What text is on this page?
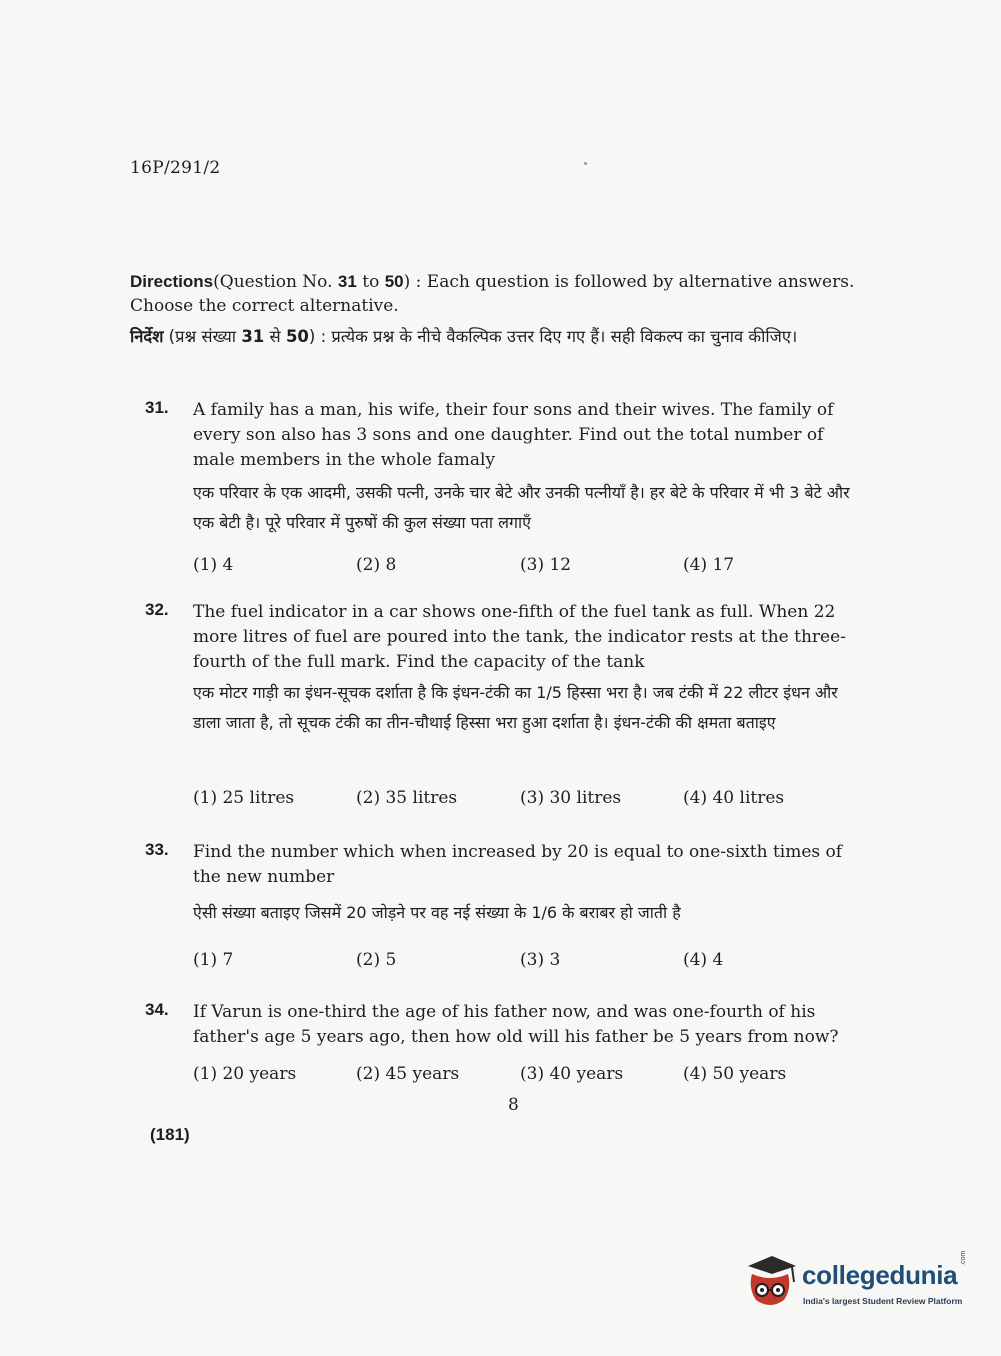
16P/291/2
Directions(Question No. 31 to 50) : Each question is followed by alternative answers. Choose the correct alternative.
निर्देश (प्रश्न संख्या 31 से 50) : प्रत्येक प्रश्न के नीचे वैकल्पिक उत्तर दिए गए हैं। सही विकल्प का चुनाव कीजिए।
31. A family has a man, his wife, their four sons and their wives. The family of every son also has 3 sons and one daughter. Find out the total number of male members in the whole famaly
एक परिवार के एक आदमी, उसकी पत्नी, उनके चार बेटे और उनकी पत्नीयाँ है। हर बेटे के परिवार में भी 3 बेटे और एक बेटी है। पूरे परिवार में पुरुषों की कुल संख्या पता लगाएँ
(1) 4	(2) 8	(3) 12	(4) 17
32. The fuel indicator in a car shows one-fifth of the fuel tank as full. When 22 more litres of fuel are poured into the tank, the indicator rests at the three-fourth of the full mark. Find the capacity of the tank
एक मोटर गाड़ी का इंधन-सूचक दर्शाता है कि इंधन-टंकी का 1/5 हिस्सा भरा है। जब टंकी में 22 लीटर इंधन और डाला जाता है, तो सूचक टंकी का तीन-चौथाई हिस्सा भरा हुआ दर्शाता है। इंधन-टंकी की क्षमता बताइए
(1) 25 litres	(2) 35 litres	(3) 30 litres	(4) 40 litres
33. Find the number which when increased by 20 is equal to one-sixth times of the new number
ऐसी संख्या बताइए जिसमें 20 जोड़ने पर वह नई संख्या के 1/6 के बराबर हो जाती है
(1) 7	(2) 5	(3) 3	(4) 4
34. If Varun is one-third the age of his father now, and was one-fourth of his father's age 5 years ago, then how old will his father be 5 years from now?
(1) 20 years	(2) 45 years	(3) 40 years	(4) 50 years
8
(181)
collegedunia
.com
India's largest Student Review Platform
